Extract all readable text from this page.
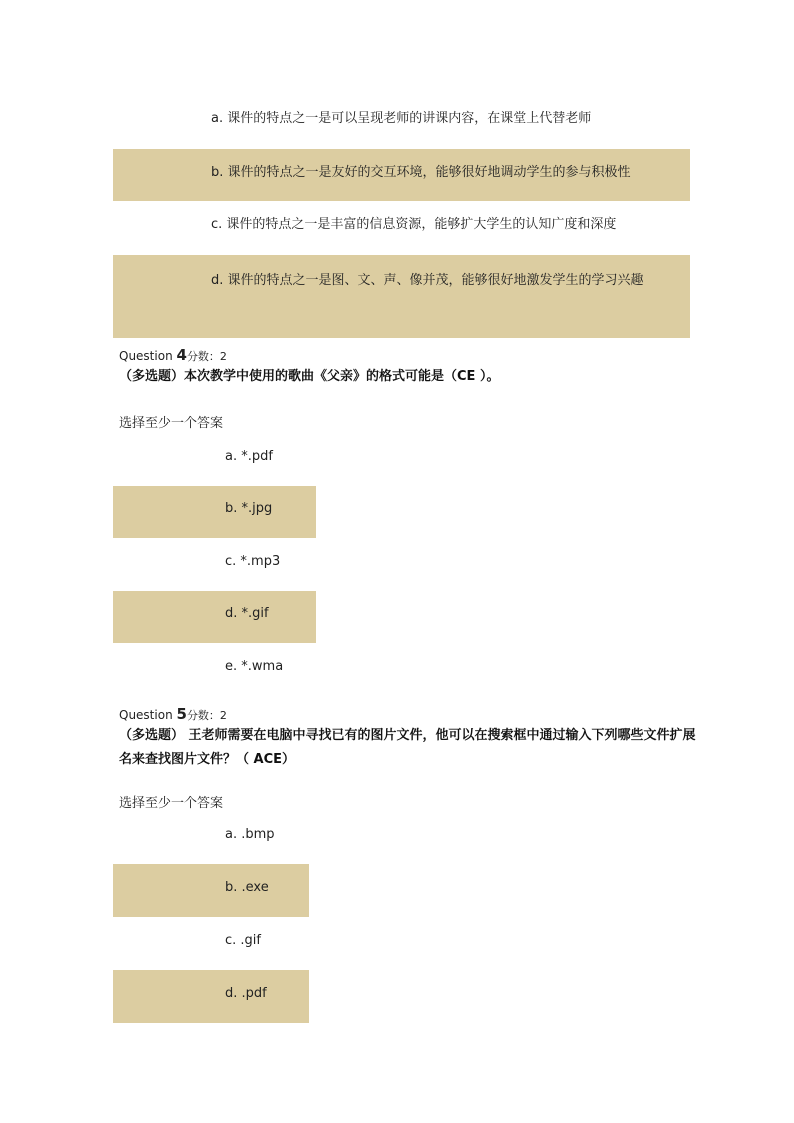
a. 课件的特点之一是可以呈现老师的讲课内容，在课堂上代替老师
b. 课件的特点之一是友好的交互环境，能够很好地调动学生的参与积极性
c. 课件的特点之一是丰富的信息资源，能够扩大学生的认知广度和深度
d. 课件的特点之一是图、文、声、像并茂，能够很好地激发学生的学习兴趣
Question 4分数：2
（多选题）本次教学中使用的歌曲《父亲》的格式可能是（CE ）。
选择至少一个答案
a. *.pdf
b. *.jpg
c. *.mp3
d. *.gif
e. *.wma
Question 5分数：2
（多选题） 王老师需要在电脑中寻找已有的图片文件，他可以在搜索框中通过输入下列哪些文件扩展名来查找图片文件？（ ACE）
选择至少一个答案
a. .bmp
b. .exe
c. .gif
d. .pdf
